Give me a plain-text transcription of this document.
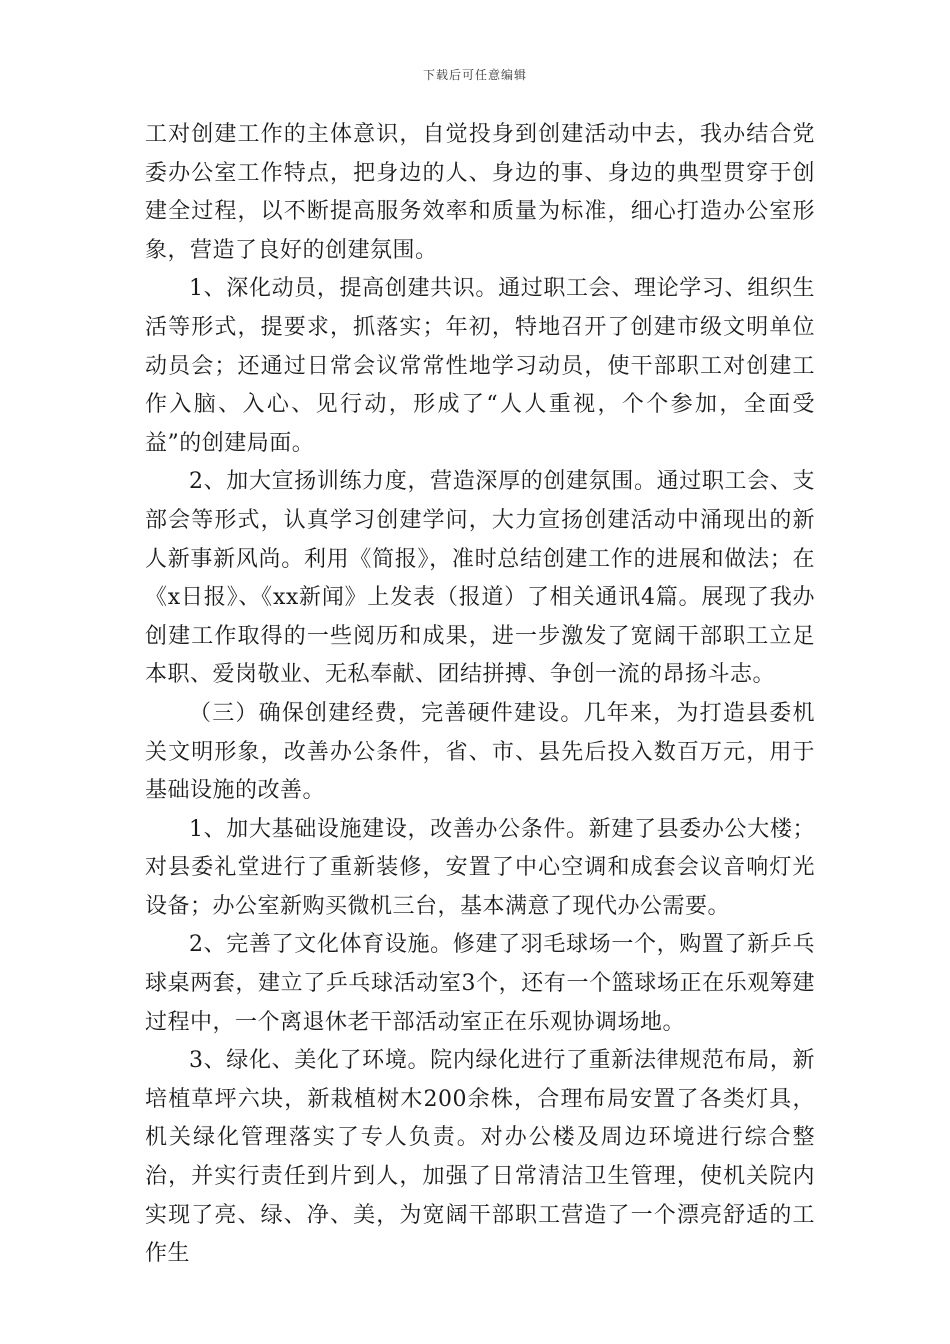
下载后可任意编辑

工对创建工作的主体意识，自觉投身到创建活动中去，我办结合党委办公室工作特点，把身边的人、身边的事、身边的典型贯穿于创建全过程，以不断提高服务效率和质量为标准，细心打造办公室形象，营造了良好的创建氛围。

1、深化动员，提高创建共识。通过职工会、理论学习、组织生活等形式，提要求，抓落实；年初，特地召开了创建市级文明单位动员会；还通过日常会议常常性地学习动员，使干部职工对创建工作入脑、入心、见行动，形成了“人人重视，个个参加，全面受益”的创建局面。

2、加大宣扬训练力度，营造深厚的创建氛围。通过职工会、支部会等形式，认真学习创建学问，大力宣扬创建活动中涌现出的新人新事新风尚。利用《简报》，准时总结创建工作的进展和做法；在《x日报》、《xx新闻》上发表（报道）了相关通讯4篇。展现了我办创建工作取得的一些阅历和成果，进一步激发了宽阔干部职工立足本职、爱岗敬业、无私奉献、团结拼搏、争创一流的昂扬斗志。

（三）确保创建经费，完善硬件建设。几年来，为打造县委机关文明形象，改善办公条件，省、市、县先后投入数百万元，用于基础设施的改善。

1、加大基础设施建设，改善办公条件。新建了县委办公大楼；对县委礼堂进行了重新装修，安置了中心空调和成套会议音响灯光设备；办公室新购买微机三台，基本满意了现代办公需要。

2、完善了文化体育设施。修建了羽毛球场一个，购置了新乒乓球桌两套，建立了乒乓球活动室3个，还有一个篮球场正在乐观筹建过程中，一个离退休老干部活动室正在乐观协调场地。

3、绿化、美化了环境。院内绿化进行了重新法律规范布局，新培植草坪六块，新栽植树木200余株，合理布局安置了各类灯具，机关绿化管理落实了专人负责。对办公楼及周边环境进行综合整治，并实行责任到片到人，加强了日常清洁卫生管理，使机关院内实现了亮、绿、净、美，为宽阔干部职工营造了一个漂亮舒适的工作生
